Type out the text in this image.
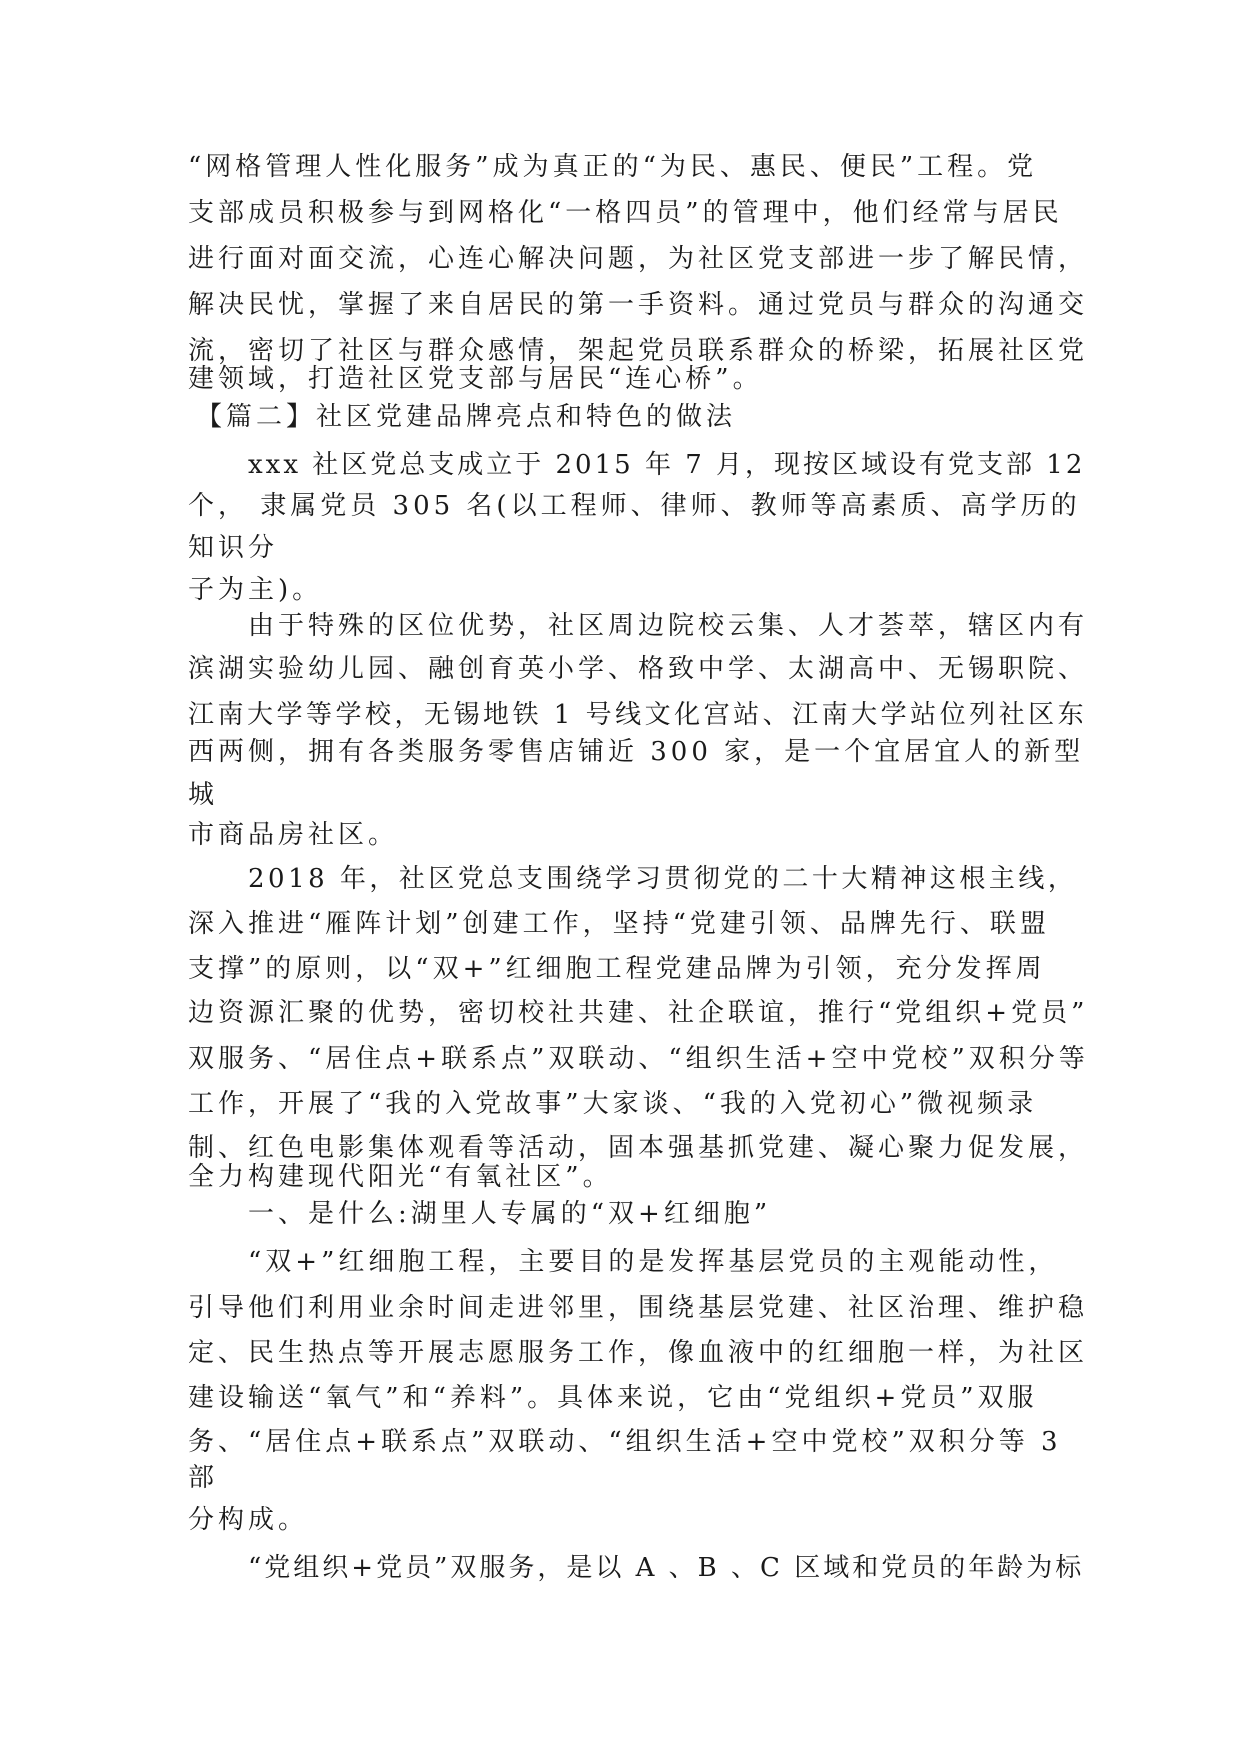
“网格管理人性化服务”成为真正的“为民、惠民、便民”工程。党
支部成员积极参与到网格化“一格四员”的管理中，他们经常与居民
进行面对面交流，心连心解决问题，为社区党支部进一步了解民情，
解决民忧，掌握了来自居民的第一手资料。通过党员与群众的沟通交
流，密切了社区与群众感情，架起党员联系群众的桥梁，拓展社区党
建领域，打造社区党支部与居民“连心桥”。
【篇二】社区党建品牌亮点和特色的做法
xxx 社区党总支成立于 2015 年 7 月，现按区域设有党支部 12
个， 隶属党员 305 名(以工程师、律师、教师等高素质、高学历的
知识分
子为主)。
由于特殊的区位优势，社区周边院校云集、人才荟萃，辖区内有
滨湖实验幼儿园、融创育英小学、格致中学、太湖高中、无锡职院、
江南大学等学校，无锡地铁 1 号线文化宫站、江南大学站位列社区东
西两侧，拥有各类服务零售店铺近 300 家，是一个宜居宜人的新型
城
市商品房社区。
2018 年，社区党总支围绕学习贯彻党的二十大精神这根主线，
深入推进“雁阵计划”创建工作，坚持“党建引领、品牌先行、联盟
支撑”的原则，以“双+”红细胞工程党建品牌为引领，充分发挥周
边资源汇聚的优势，密切校社共建、社企联谊，推行“党组织+党员”
双服务、“居住点+联系点”双联动、“组织生活+空中党校”双积分等
工作，开展了“我的入党故事”大家谈、“我的入党初心”微视频录
制、红色电影集体观看等活动，固本强基抓党建、凝心聚力促发展，
全力构建现代阳光“有氧社区”。
一、是什么:湖里人专属的“双+红细胞”
“双+”红细胞工程，主要目的是发挥基层党员的主观能动性，
引导他们利用业余时间走进邻里，围绕基层党建、社区治理、维护稳
定、民生热点等开展志愿服务工作，像血液中的红细胞一样，为社区
建设输送“氧气”和“养料”。具体来说，它由“党组织+党员”双服
务、“居住点+联系点”双联动、“组织生活+空中党校”双积分等 3
部
分构成。
“党组织+党员”双服务，是以 A 、B 、C 区域和党员的年龄为标
